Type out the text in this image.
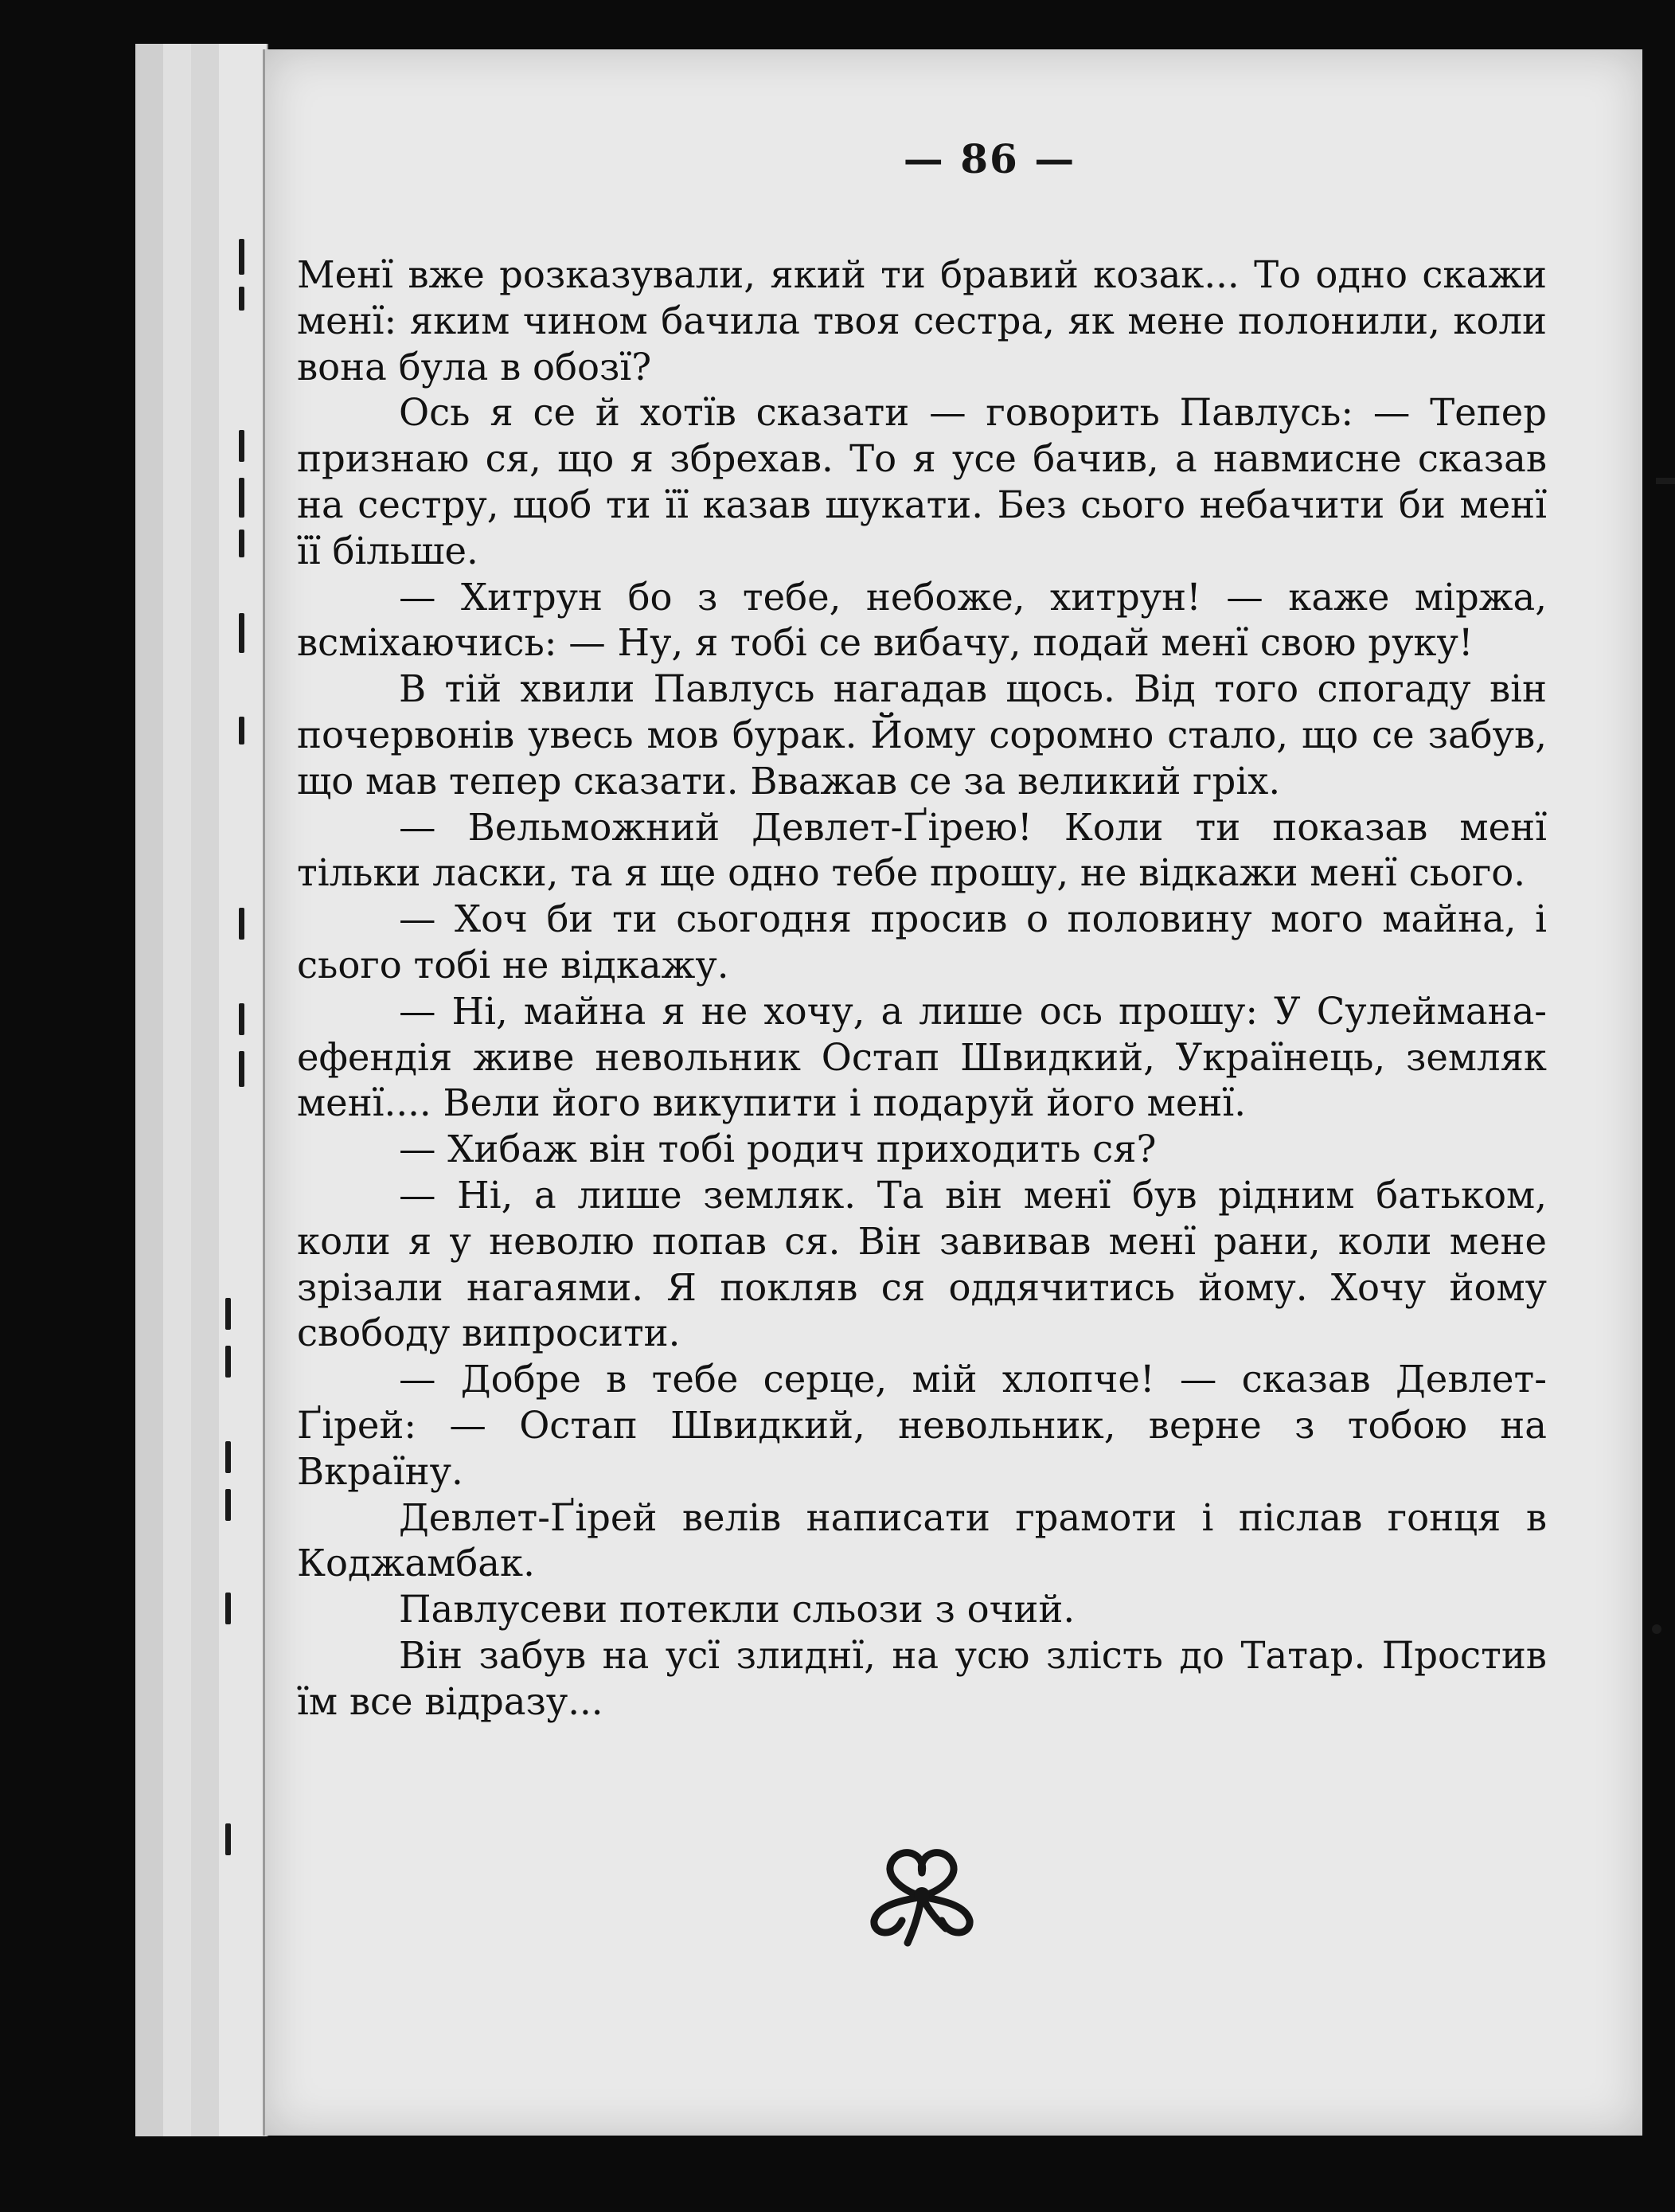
— 86 —

Менї вже розказували, який ти бравий козак... То одно скажи менї: яким чином бачила твоя сестра, як мене полонили, коли вона була в обозї?

Ось я се й хотїв сказати — говорить Павлусь: — Тепер признаю ся, що я збрехав. То я усе бачив, а навмисне сказав на сестру, щоб ти її казав шукати. Без сього небачити би менї її більше.

— Хитрун бо з тебе, небоже, хитрун! — каже мiржа, всмiхаючись: — Ну, я тобi се вибачу, подай менї свою руку!

В тiй хвили Павлусь нагадав щось. Вiд того спогаду вiн почервонiв увесь мов бурак. Йому соромно стало, що се забув, що мав тепер сказати. Вважав се за великий грiх.

— Вельможний Девлет-Ґiрею! Коли ти показав менї тiльки ласки, та я ще одно тебе прошу, не вiдкажи менї сього.

— Хоч би ти сьогодня просив о половину мого майна, i сього тобi не вiдкажу.

— Нi, майна я не хочу, а лише ось прошу: У Сулейманa-ефендiя живе невольник Остап Швидкий, Українець, земляк менї.... Вели його викупити i подаруй його менї.

— Хибаж вiн тобi родич приходить ся?

— Нi, а лише земляк. Та вiн менї був рiдним батьком, коли я у неволю попав ся. Вiн завивав менї рани, коли мене зрiзали нагаями. Я покляв ся оддячитись йому. Хочу йому свободу випросити.

— Добре в тебе серце, мiй хлопче! — сказав Девлет-Ґiрей: — Остап Швидкий, невольник, верне з тобою на Вкраїну.

Девлет-Ґiрей велiв написати грамоти i пiслав гонця в Коджамбак.

Павлусеви потекли сльози з очий.

Вiн забув на усї злиднї, на усю злiсть до Татар. Простив їм все вiдразу...
